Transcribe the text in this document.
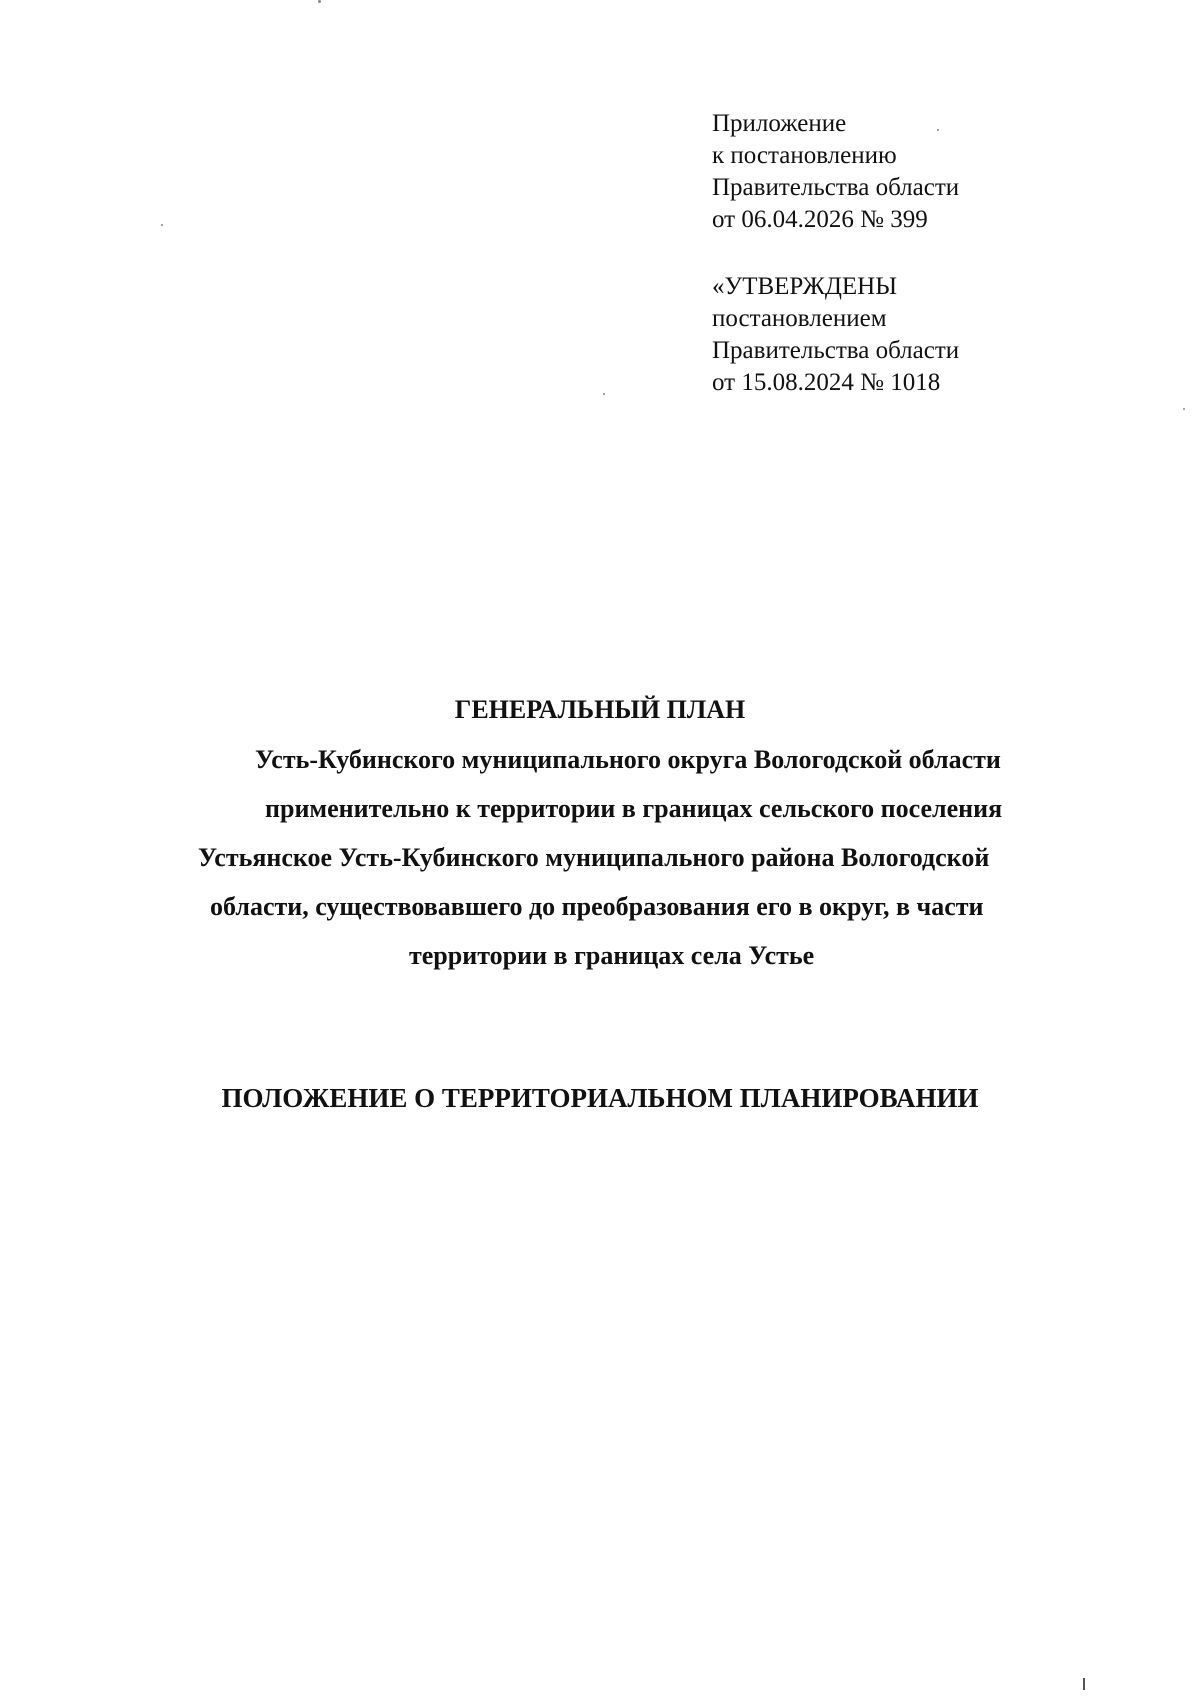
Приложение
к постановлению
Правительства области
от 06.04.2026 № 399
«УТВЕРЖДЕНЫ
постановлением
Правительства области
от 15.08.2024 № 1018
ГЕНЕРАЛЬНЫЙ ПЛАН
Усть-Кубинского муниципального округа Вологодской области
применительно к территории в границах сельского поселения
Устьянское Усть-Кубинского муниципального района Вологодской
области, существовавшего до преобразования его в округ, в части
территории в границах села Устье
ПОЛОЖЕНИЕ О ТЕРРИТОРИАЛЬНОМ ПЛАНИРОВАНИИ
